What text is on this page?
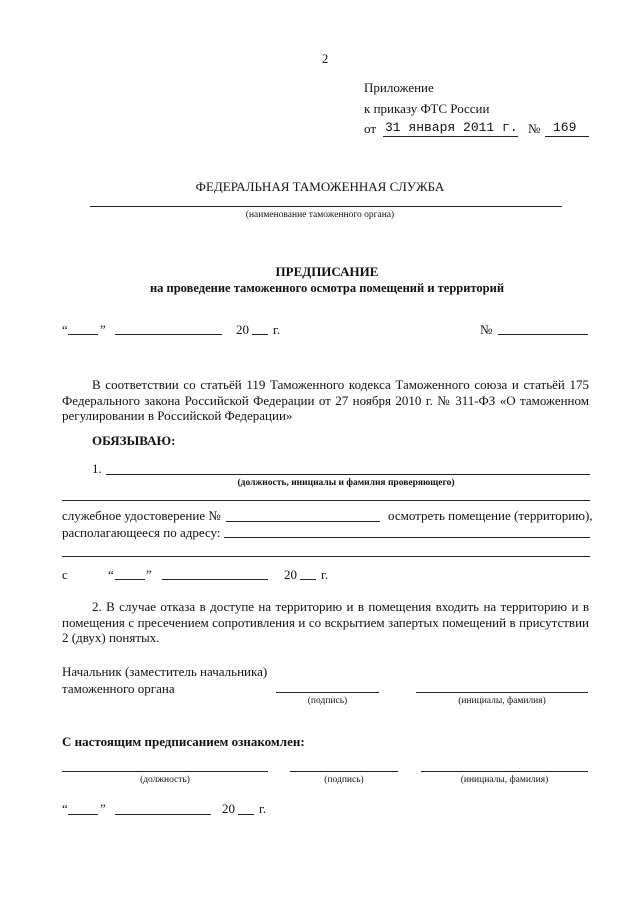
2
Приложение
к приказу ФТС России
от 31 января 2011 г. № 169
ФЕДЕРАЛЬНАЯ ТАМОЖЕННАЯ СЛУЖБА
(наименование таможенного органа)
ПРЕДПИСАНИЕ
на проведение таможенного осмотра помещений и территорий
“ ”	20 г.	№
В соответствии со статьёй 119 Таможенного кодекса Таможенного союза и статьёй 175 Федерального закона Российской Федерации от 27 ноября 2010 г. № 311-ФЗ «О таможенном регулировании в Российской Федерации»
ОБЯЗЫВАЮ:
1.
(должность, инициалы и фамилия проверяющего)
служебное удостоверение №	осмотреть помещение (территорию),
располагающееся по адресу:
с	“ ”	20 г.
2. В случае отказа в доступе на территорию и в помещения входить на территорию и в помещения с пресечением сопротивления и со вскрытием запертых помещений в присутствии 2 (двух) понятых.
Начальник (заместитель начальника)
таможенного органа
(подпись)	(инициалы, фамилия)
С настоящим предписанием ознакомлен:
(должность)	(подпись)	(инициалы, фамилия)
“ ”	20 г.
